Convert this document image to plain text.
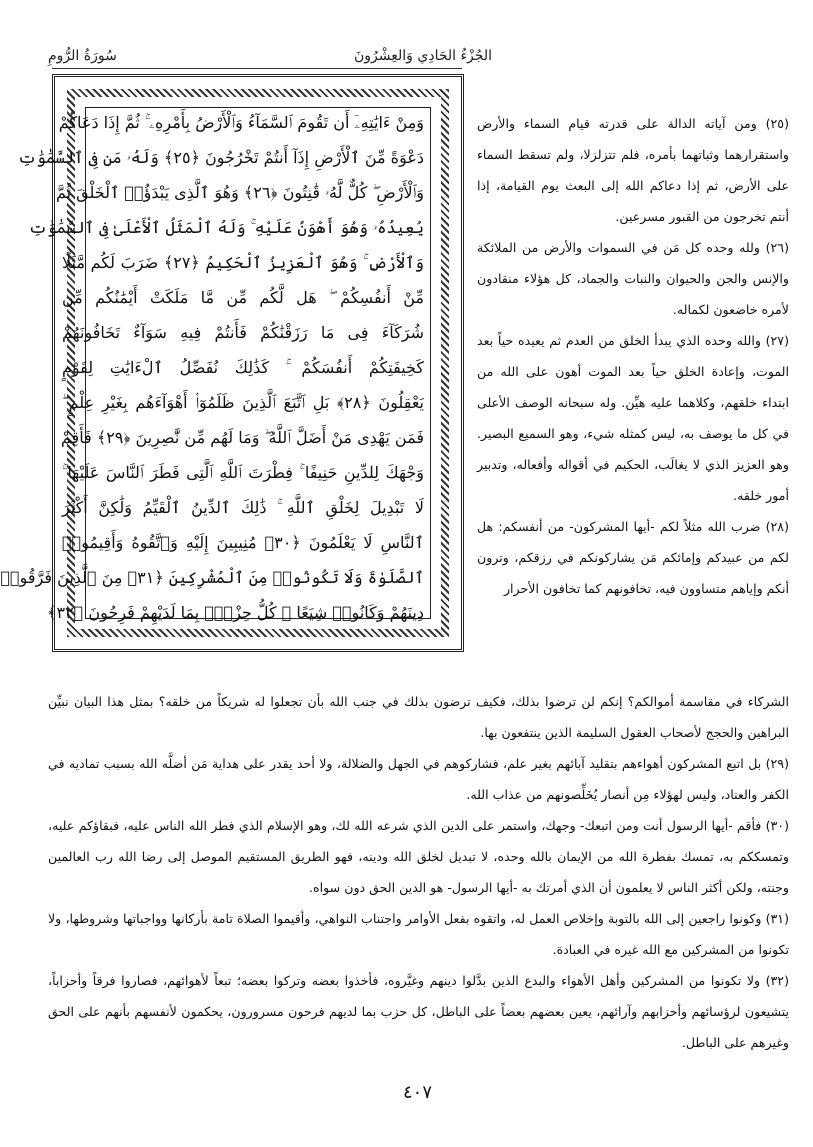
سُورَةُ الرُّومِ	الجُزْءُ الحَادِي وَالعِشْرُونَ
وَمِنْ ءَايَٰتِهِۦٓ أَن تَقُومَ ٱلسَّمَآءُ وَٱلْأَرْضُ بِأَمْرِهِۦ ۚ ثُمَّ إِذَا دَعَاكُمْ
دَعْوَةً مِّنَ ٱلْأَرْضِ إِذَآ أَنتُمْ تَخْرُجُونَ ﴿٢٥﴾ وَلَهُۥ مَن فِى ٱلسَّمَٰوَٰتِ
وَٱلْأَرْضِ ۖ كُلٌّ لَّهُۥ قَٰنِتُونَ ﴿٢٦﴾ وَهُوَ ٱلَّذِى يَبْدَؤُا۟ ٱلْخَلْقَ ثُمَّ
يُعِيدُهُۥ وَهُوَ أَهْوَنُ عَلَيْهِ ۚ وَلَهُ ٱلْمَثَلُ ٱلْأَعْلَىٰ فِى ٱلسَّمَٰوَٰتِ
وَٱلْأَرْضِ ۚ وَهُوَ ٱلْعَزِيزُ ٱلْحَكِيمُ ﴿٢٧﴾ ضَرَبَ لَكُم مَّثَلًا
مِّنْ أَنفُسِكُمْ ۖ هَل لَّكُم مِّن مَّا مَلَكَتْ أَيْمَٰنُكُم مِّن
شُرَكَآءَ فِى مَا رَزَقْنَٰكُمْ فَأَنتُمْ فِيهِ سَوَآءٌ تَخَافُونَهُمْ
كَخِيفَتِكُمْ أَنفُسَكُمْ ۚ كَذَٰلِكَ نُفَصِّلُ ٱلْءَايَٰتِ لِقَوْمٍ
يَعْقِلُونَ ﴿٢٨﴾ بَلِ ٱتَّبَعَ ٱلَّذِينَ ظَلَمُوٓا۟ أَهْوَآءَهُم بِغَيْرِ عِلْمٍ ۖ
فَمَن يَهْدِى مَنْ أَضَلَّ ٱللَّهُ ۖ وَمَا لَهُم مِّن نَّٰصِرِينَ ﴿٢٩﴾ فَأَقِمْ
وَجْهَكَ لِلدِّينِ حَنِيفًا ۚ فِطْرَتَ ٱللَّهِ ٱلَّتِى فَطَرَ ٱلنَّاسَ عَلَيْهَا ۚ
لَا تَبْدِيلَ لِخَلْقِ ٱللَّهِ ۚ ذَٰلِكَ ٱلدِّينُ ٱلْقَيِّمُ وَلَٰكِنَّ أَكْثَرَ
ٱلنَّاسِ لَا يَعْلَمُونَ ﴿٣٠﴾ مُنِيبِينَ إِلَيْهِ وَٱتَّقُوهُ وَأَقِيمُوا۟
ٱلصَّلَوٰةَ وَلَا تَكُونُوا۟ مِنَ ٱلْمُشْرِكِينَ ﴿٣١﴾ مِنَ ٱلَّذِينَ فَرَّقُوا۟
دِينَهُمْ وَكَانُوا۟ شِيَعًا ۖ كُلُّ حِزْبٍۭ بِمَا لَدَيْهِمْ فَرِحُونَ ﴿٣٢﴾

(٢٥) ومن آياته الدالة على قدرته قيام السماء والأرض واستقرارهما وثباتهما بأمره، فلم تتزلزلا، ولم تسقط السماء على الأرض، ثم إذا دعاكم الله إلى البعث يوم القيامة، إذا أنتم تخرجون من القبور مسرعين.

(٢٦) ولله وحده كل مَن في السموات والأرض من الملائكة والإنس والجن والحيوان والنبات والجماد، كل هؤلاء منقادون لأمره خاضعون لكماله.

(٢٧) والله وحده الذي يبدأ الخلق من العدم ثم يعيده حياً بعد الموت، وإعادة الخلق حياً بعد الموت أهون على الله من ابتداء خلقهم، وكلاهما عليه هيِّن. وله سبحانه الوصف الأعلى في كل ما يوصف به، ليس كمثله شيء، وهو السميع البصير. وهو العزيز الذي لا يغالَب، الحكيم في أقواله وأفعاله، وتدبير أمور خلقه.

(٢٨) ضرب الله مثلاً لكم -أيها المشركون- من أنفسكم: هل لكم من عبيدكم وإمائكم مَن يشاركونكم في رزقكم، وترون أنكم وإياهم متساوون فيه، تخافونهم كما تخافون الأحرار

الشركاء في مقاسمة أموالكم؟ إنكم لن ترضوا بذلك، فكيف ترضون بذلك في جنب الله بأن تجعلوا له شريكاً من خلقه؟ بمثل هذا البيان نبيِّن البراهين والحجج لأصحاب العقول السليمة الذين ينتفعون بها.

(٢٩) بل اتبع المشركون أهواءهم بتقليد آبائهم بغير علم، فشاركوهم في الجهل والضلالة، ولا أحد يقدر على هداية مَن أضلَّه الله بسبب تماديه في الكفر والعناد، وليس لهؤلاء مِن أنصار يُخَلِّصونهم من عذاب الله.

(٣٠) فأقم -أيها الرسول أنت ومن اتبعك- وجهك، واستمر على الدين الذي شرعه الله لك، وهو الإسلام الذي فطر الله الناس عليه، فبقاؤكم عليه، وتمسككم به، تمسك بفطرة الله من الإيمان بالله وحده، لا تبديل لخلق الله ودينه، فهو الطريق المستقيم الموصل إلى رضا الله رب العالمين وجنته، ولكن أكثر الناس لا يعلمون أن الذي أمرتك به -أيها الرسول- هو الدين الحق دون سواه.

(٣١) وكونوا راجعين إلى الله بالتوبة وإخلاص العمل له، واتقوه بفعل الأوامر واجتناب النواهي، وأقيموا الصلاة تامة بأركانها وواجباتها وشروطها، ولا تكونوا من المشركين مع الله غيره في العبادة.

(٣٢) ولا تكونوا من المشركين وأهل الأهواء والبدع الذين بدَّلوا دينهم وغيَّروه، فأخذوا بعضه وتركوا بعضه؛ تبعاً لأهوائهم، فصاروا فرقاً وأحزاباً، يتشيعون لرؤسائهم وأحزابهم وآرائهم، يعين بعضهم بعضاً على الباطل، كل حزب بما لديهم فرحون مسرورون، يحكمون لأنفسهم بأنهم على الحق وغيرهم على الباطل.

٤٠٧
